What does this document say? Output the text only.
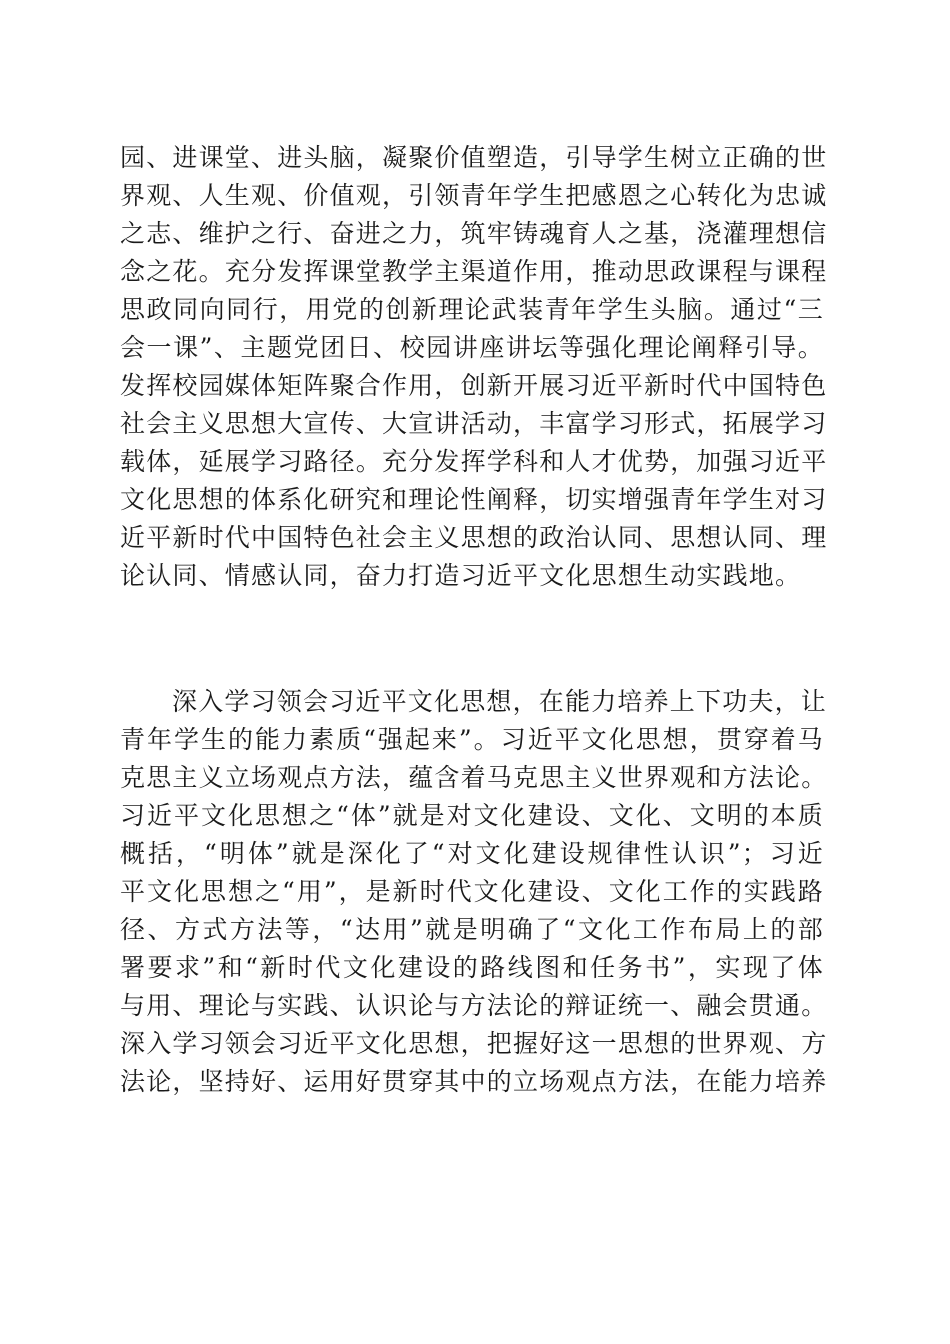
园、进课堂、进头脑，凝聚价值塑造，引导学生树立正确的世
界观、人生观、价值观，引领青年学生把感恩之心转化为忠诚
之志、维护之行、奋进之力，筑牢铸魂育人之基，浇灌理想信
念之花。充分发挥课堂教学主渠道作用，推动思政课程与课程
思政同向同行，用党的创新理论武装青年学生头脑。通过“三
会一课”、主题党团日、校园讲座讲坛等强化理论阐释引导。
发挥校园媒体矩阵聚合作用，创新开展习近平新时代中国特色
社会主义思想大宣传、大宣讲活动，丰富学习形式，拓展学习
载体，延展学习路径。充分发挥学科和人才优势，加强习近平
文化思想的体系化研究和理论性阐释，切实增强青年学生对习
近平新时代中国特色社会主义思想的政治认同、思想认同、理
论认同、情感认同，奋力打造习近平文化思想生动实践地。
深入学习领会习近平文化思想，在能力培养上下功夫，让
青年学生的能力素质“强起来”。习近平文化思想，贯穿着马
克思主义立场观点方法，蕴含着马克思主义世界观和方法论。
习近平文化思想之“体”就是对文化建设、文化、文明的本质
概括，“明体”就是深化了“对文化建设规律性认识”；习近
平文化思想之“用”，是新时代文化建设、文化工作的实践路
径、方式方法等，“达用”就是明确了“文化工作布局上的部
署要求”和“新时代文化建设的路线图和任务书”，实现了体
与用、理论与实践、认识论与方法论的辩证统一、融会贯通。
深入学习领会习近平文化思想，把握好这一思想的世界观、方
法论，坚持好、运用好贯穿其中的立场观点方法，在能力培养
